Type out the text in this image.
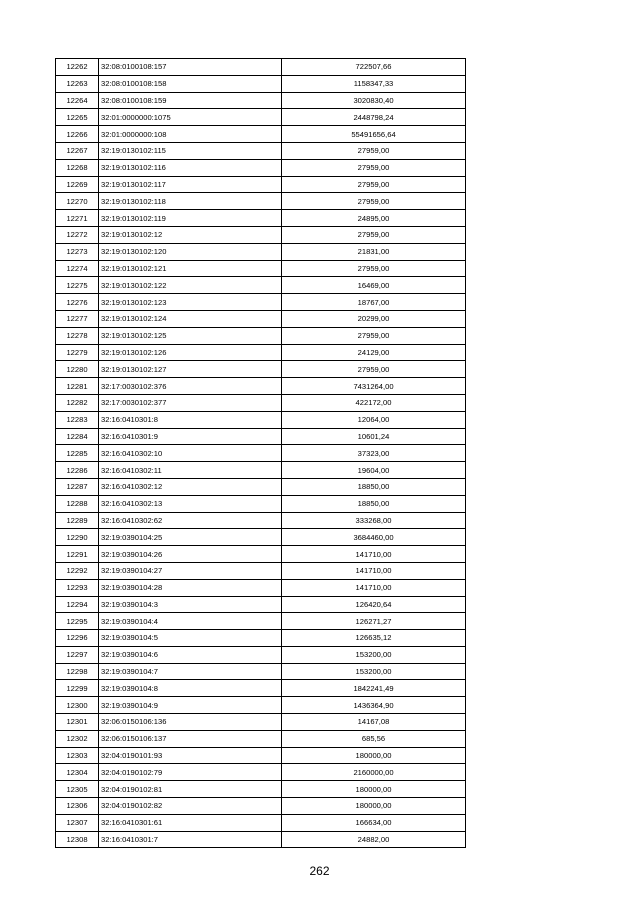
12262	32:08:0100108:157	722507,66
12263	32:08:0100108:158	1158347,33
12264	32:08:0100108:159	3020830,40
12265	32:01:0000000:1075	2448798,24
12266	32:01:0000000:108	55491656,64
12267	32:19:0130102:115	27959,00
12268	32:19:0130102:116	27959,00
12269	32:19:0130102:117	27959,00
12270	32:19:0130102:118	27959,00
12271	32:19:0130102:119	24895,00
12272	32:19:0130102:12	27959,00
12273	32:19:0130102:120	21831,00
12274	32:19:0130102:121	27959,00
12275	32:19:0130102:122	16469,00
12276	32:19:0130102:123	18767,00
12277	32:19:0130102:124	20299,00
12278	32:19:0130102:125	27959,00
12279	32:19:0130102:126	24129,00
12280	32:19:0130102:127	27959,00
12281	32:17:0030102:376	7431264,00
12282	32:17:0030102:377	422172,00
12283	32:16:0410301:8	12064,00
12284	32:16:0410301:9	10601,24
12285	32:16:0410302:10	37323,00
12286	32:16:0410302:11	19604,00
12287	32:16:0410302:12	18850,00
12288	32:16:0410302:13	18850,00
12289	32:16:0410302:62	333268,00
12290	32:19:0390104:25	3684460,00
12291	32:19:0390104:26	141710,00
12292	32:19:0390104:27	141710,00
12293	32:19:0390104:28	141710,00
12294	32:19:0390104:3	126420,64
12295	32:19:0390104:4	126271,27
12296	32:19:0390104:5	126635,12
12297	32:19:0390104:6	153200,00
12298	32:19:0390104:7	153200,00
12299	32:19:0390104:8	1842241,49
12300	32:19:0390104:9	1436364,90
12301	32:06:0150106:136	14167,08
12302	32:06:0150106:137	685,56
12303	32:04:0190101:93	180000,00
12304	32:04:0190102:79	2160000,00
12305	32:04:0190102:81	180000,00
12306	32:04:0190102:82	180000,00
12307	32:16:0410301:61	166634,00
12308	32:16:0410301:7	24882,00
262
